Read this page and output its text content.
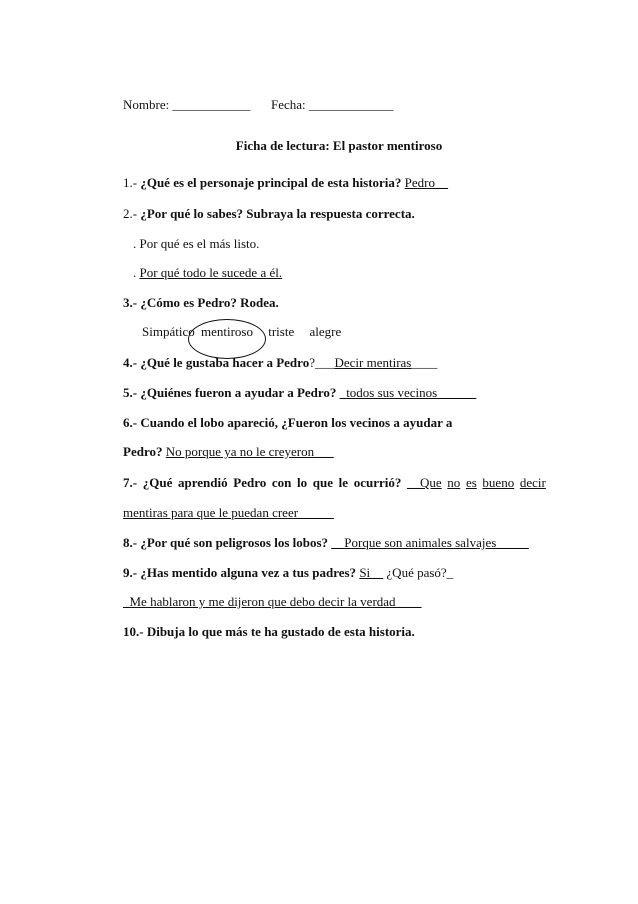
Nombre: ____________ Fecha: _____________
Ficha de lectura: El pastor mentiroso
1.- ¿Qué es el personaje principal de esta historia? Pedro__
2.- ¿Por qué lo sabes? Subraya la respuesta correcta.
. Por qué es el más listo.
. Por qué todo le sucede a él.
3.- ¿Cómo es Pedro? Rodea.
Simpático mentiroso triste alegre
4.- ¿Qué le gustaba hacer a Pedro?___Decir mentiras____
5.- ¿Quiénes fueron a ayudar a Pedro? _todos sus vecinos______
6.- Cuando el lobo apareció, ¿Fueron los vecinos a ayudar a
Pedro? No porque ya no le creyeron___
7.- ¿Qué aprendió Pedro con lo que le ocurrió? __Que no es bueno decir
mentiras para que le puedan creer _____
8.- ¿Por qué son peligrosos los lobos? __Porque son animales salvajes_____
9.- ¿Has mentido alguna vez a tus padres? Si__ ¿Qué pasó?_
_Me hablaron y me dijeron que debo decir la verdad____
10.- Dibuja lo que más te ha gustado de esta historia.
